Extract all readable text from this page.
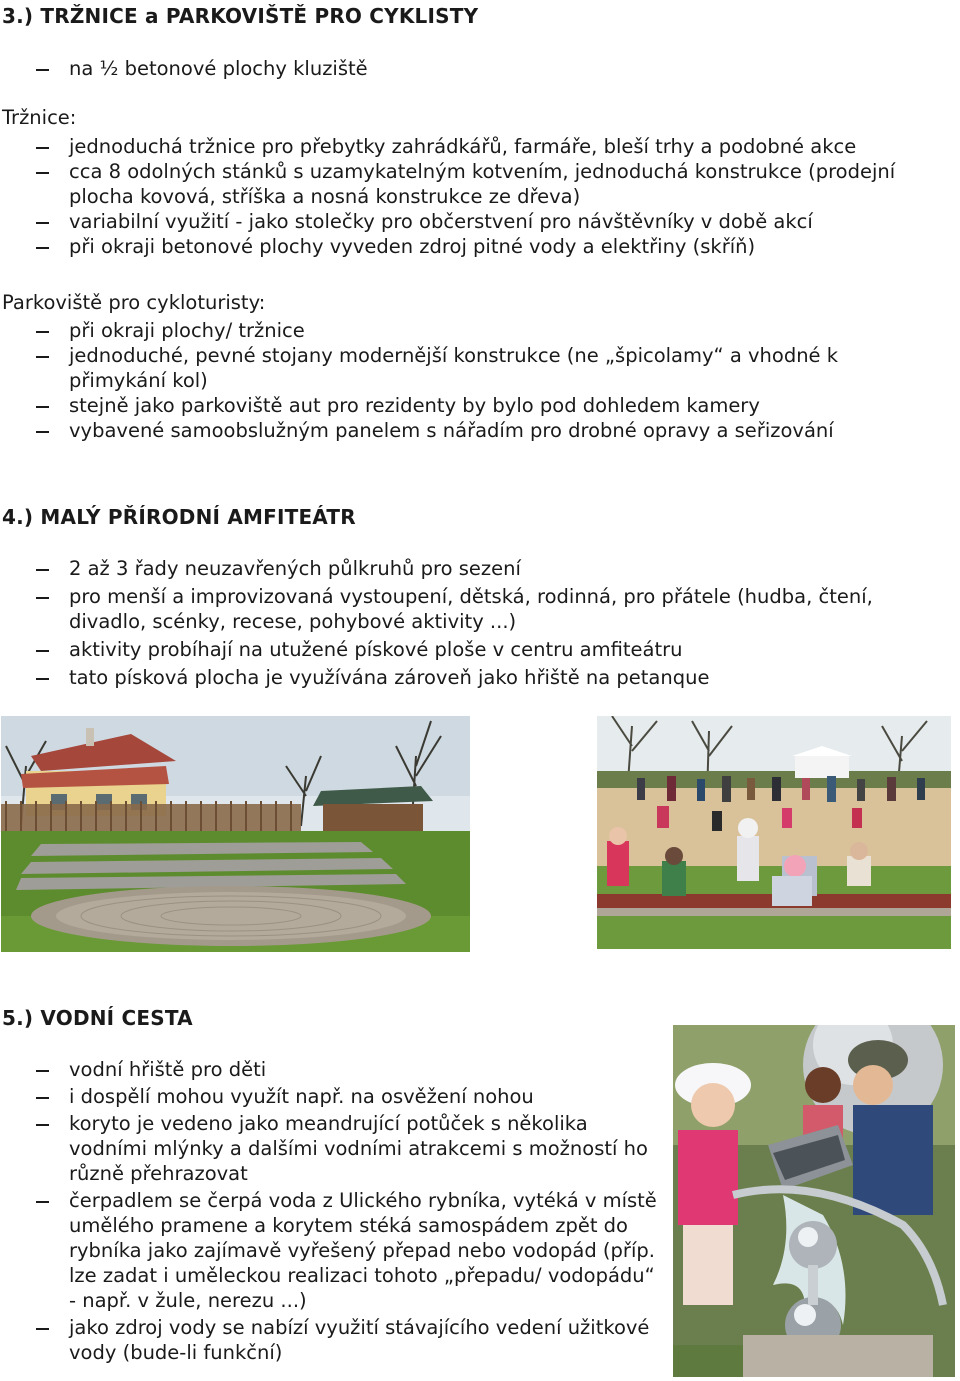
3.) TRŽNICE a PARKOVIŠTĚ PRO CYKLISTY
na ½ betonové plochy kluziště
Tržnice:
jednoduchá tržnice pro přebytky zahrádkářů, farmáře, bleší trhy a podobné akce
cca 8 odolných stánků s uzamykatelným kotvením, jednoduchá konstrukce (prodejní plocha kovová, stříška a nosná konstrukce ze dřeva)
variabilní využití - jako stolečky pro občerstvení pro návštěvníky v době akcí
při okraji betonové plochy vyveden zdroj pitné vody a elektřiny (skříň)
Parkoviště pro cykloturisty:
při okraji plochy/ tržnice
jednoduché, pevné stojany modernější konstrukce (ne „špicolamy“ a vhodné k přimykání kol)
stejně jako parkoviště aut pro rezidenty by bylo pod dohledem kamery
vybavené samoobslužným panelem s nářadím pro drobné opravy a seřizování
4.) MALÝ PŘÍRODNÍ AMFITEÁTR
2 až 3 řady neuzavřených půlkruhů pro sezení
pro menší a improvizovaná vystoupení, dětská, rodinná, pro přátele (hudba, čtení, divadlo, scénky, recese, pohybové aktivity ...)
aktivity probíhají na utužené pískové ploše v centru amfiteátru
tato písková plocha je využívána zároveň jako hřiště na petanque
5.) VODNÍ CESTA
vodní hřiště pro děti
i dospělí mohou využít např. na osvěžení nohou
koryto je vedeno jako meandrující potůček s několika vodními mlýnky a dalšími vodními atrakcemi s možností ho různě přehrazovat
čerpadlem se čerpá voda z Ulického rybníka, vytéká v místě umělého pramene a korytem stéká samospádem zpět do rybníka jako zajímavě vyřešený přepad nebo vodopád (příp. lze zadat i uměleckou realizaci tohoto „přepadu/ vodopádu“ - např. v žule, nerezu ...)
jako zdroj vody se nabízí využití stávajícího vedení užitkové vody (bude-li funkční)
